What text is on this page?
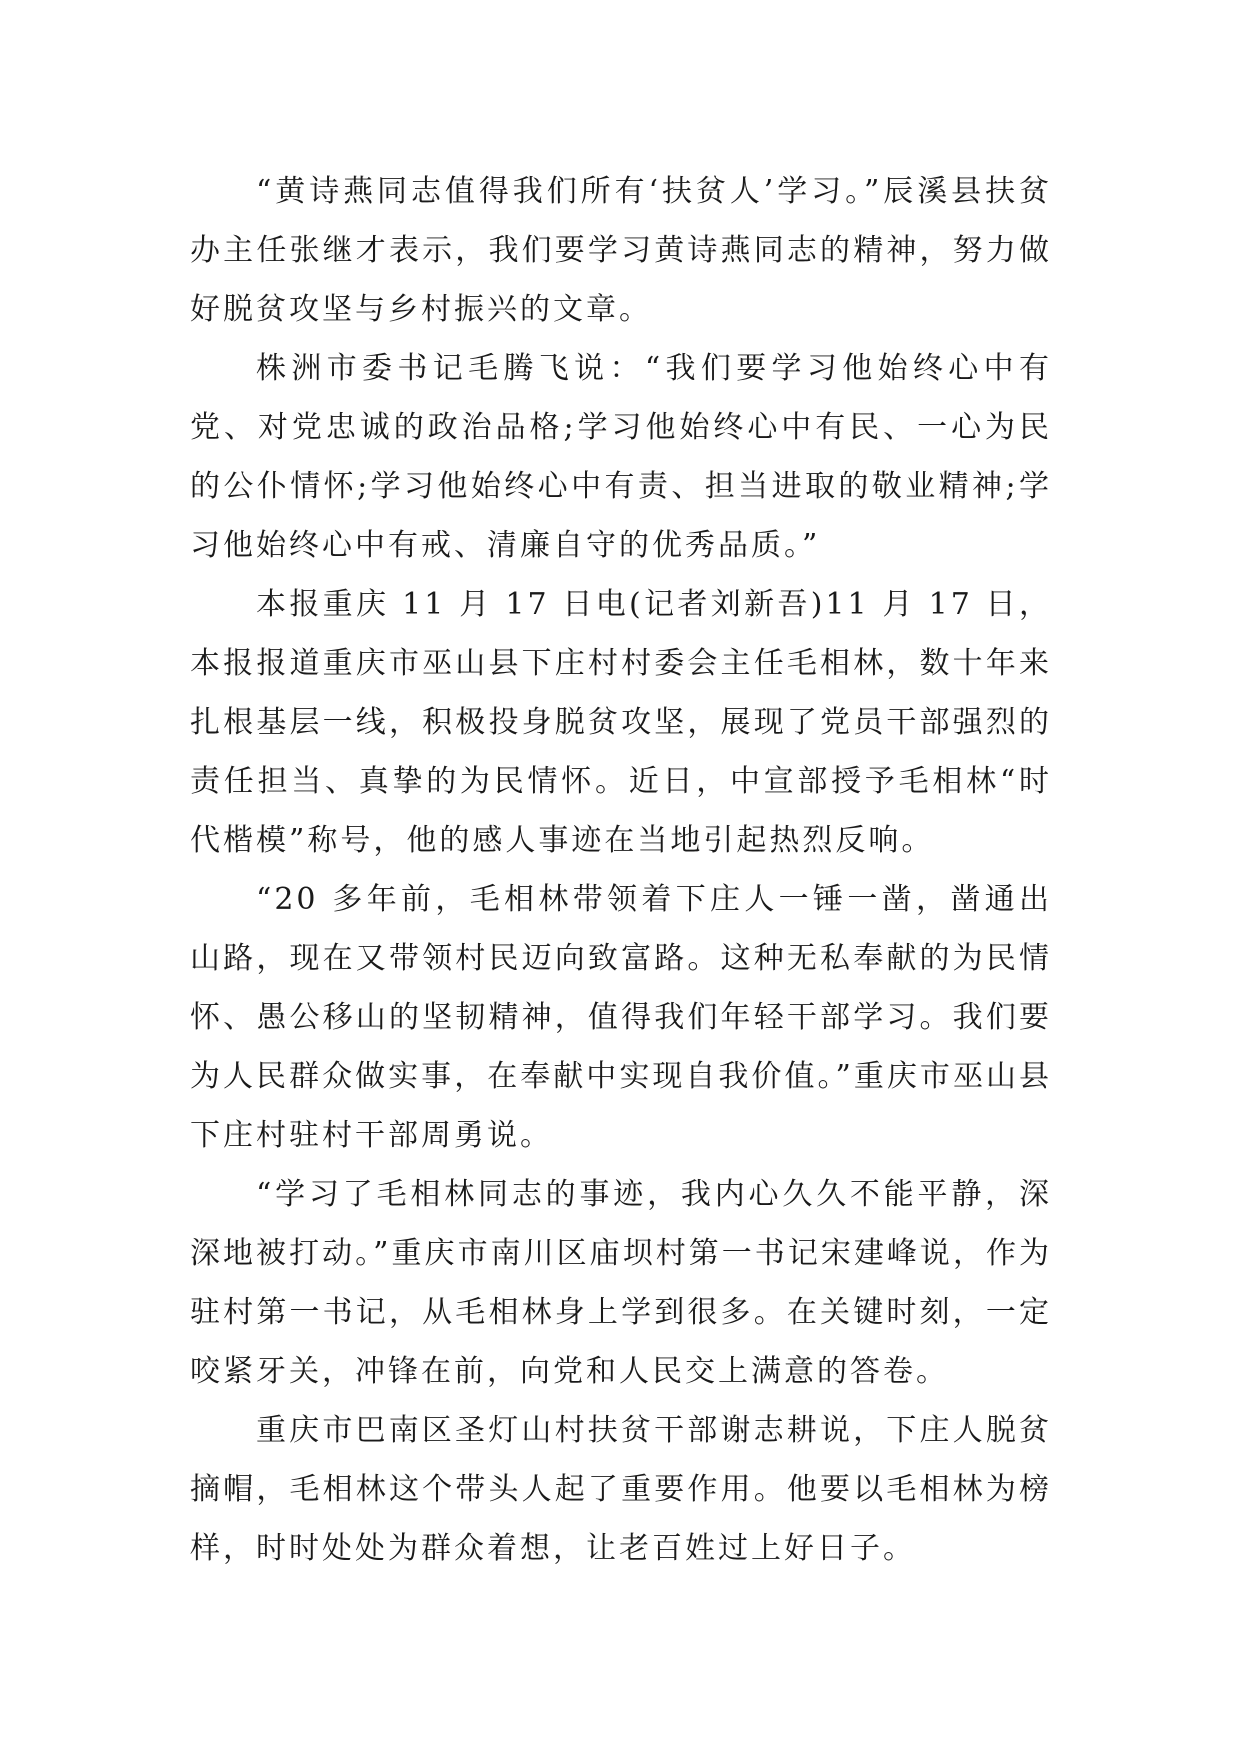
“黄诗燕同志值得我们所有‘扶贫人’学习。”辰溪县扶贫办主任张继才表示，我们要学习黄诗燕同志的精神，努力做好脱贫攻坚与乡村振兴的文章。

株洲市委书记毛腾飞说：“我们要学习他始终心中有党、对党忠诚的政治品格;学习他始终心中有民、一心为民的公仆情怀;学习他始终心中有责、担当进取的敬业精神;学习他始终心中有戒、清廉自守的优秀品质。”

本报重庆 11 月 17 日电(记者刘新吾)11 月 17 日，本报报道重庆市巫山县下庄村村委会主任毛相林，数十年来扎根基层一线，积极投身脱贫攻坚，展现了党员干部强烈的责任担当、真挚的为民情怀。近日，中宣部授予毛相林“时代楷模”称号，他的感人事迹在当地引起热烈反响。

“20 多年前，毛相林带领着下庄人一锤一凿，凿通出山路，现在又带领村民迈向致富路。这种无私奉献的为民情怀、愚公移山的坚韧精神，值得我们年轻干部学习。我们要为人民群众做实事，在奉献中实现自我价值。”重庆市巫山县下庄村驻村干部周勇说。

“学习了毛相林同志的事迹，我内心久久不能平静，深深地被打动。”重庆市南川区庙坝村第一书记宋建峰说，作为驻村第一书记，从毛相林身上学到很多。在关键时刻，一定咬紧牙关，冲锋在前，向党和人民交上满意的答卷。

重庆市巴南区圣灯山村扶贫干部谢志耕说，下庄人脱贫摘帽，毛相林这个带头人起了重要作用。他要以毛相林为榜样，时时处处为群众着想，让老百姓过上好日子。
